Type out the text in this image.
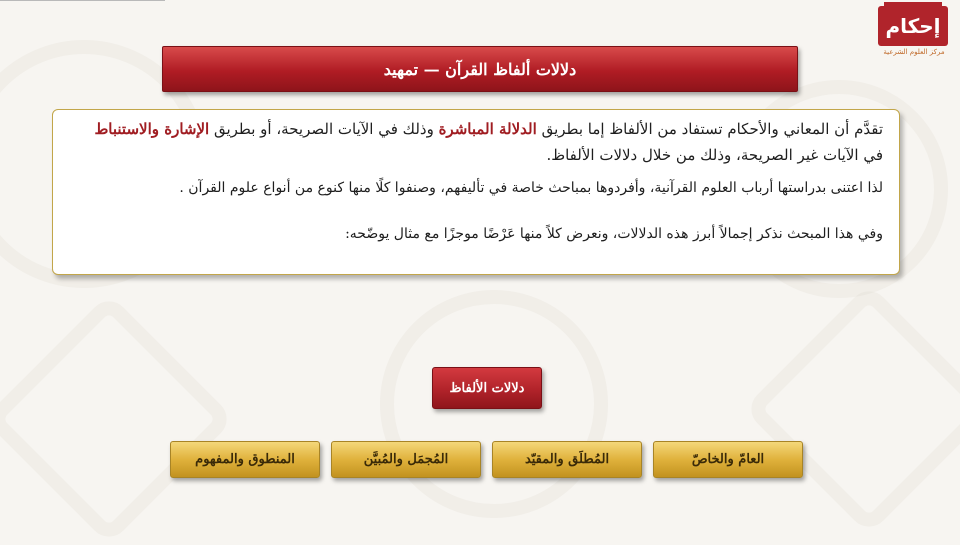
إحكام
مركز العلوم الشرعية
دلالات ألفاظ القرآن — تمهيد

تقدَّم أن المعاني والأحكام تستفاد من الألفاظ إما بطريق الدلالة المباشرة وذلك في الآيات الصريحة، أو بطريق الإشارة والاستنباط في الآيات غير الصريحة، وذلك من خلال دلالات الألفاظ.

لذا اعتنى بدراستها أرباب العلوم القرآنية، وأفردوها بمباحث خاصة في تأليفهم، وصنفوا كلًا منها كنوع من أنواع علوم القرآن .

وفي هذا المبحث نذكر إجمالاً أبرز هذه الدلالات، ونعرض كلاً منها عَرْضًا موجزًا مع مثال يوضّحه:

دلالات الألفاظ
العامّ والخاصّ
المُطلَق والمقيّد
المُجمَل والمُبيَّن
المنطوق والمفهوم
